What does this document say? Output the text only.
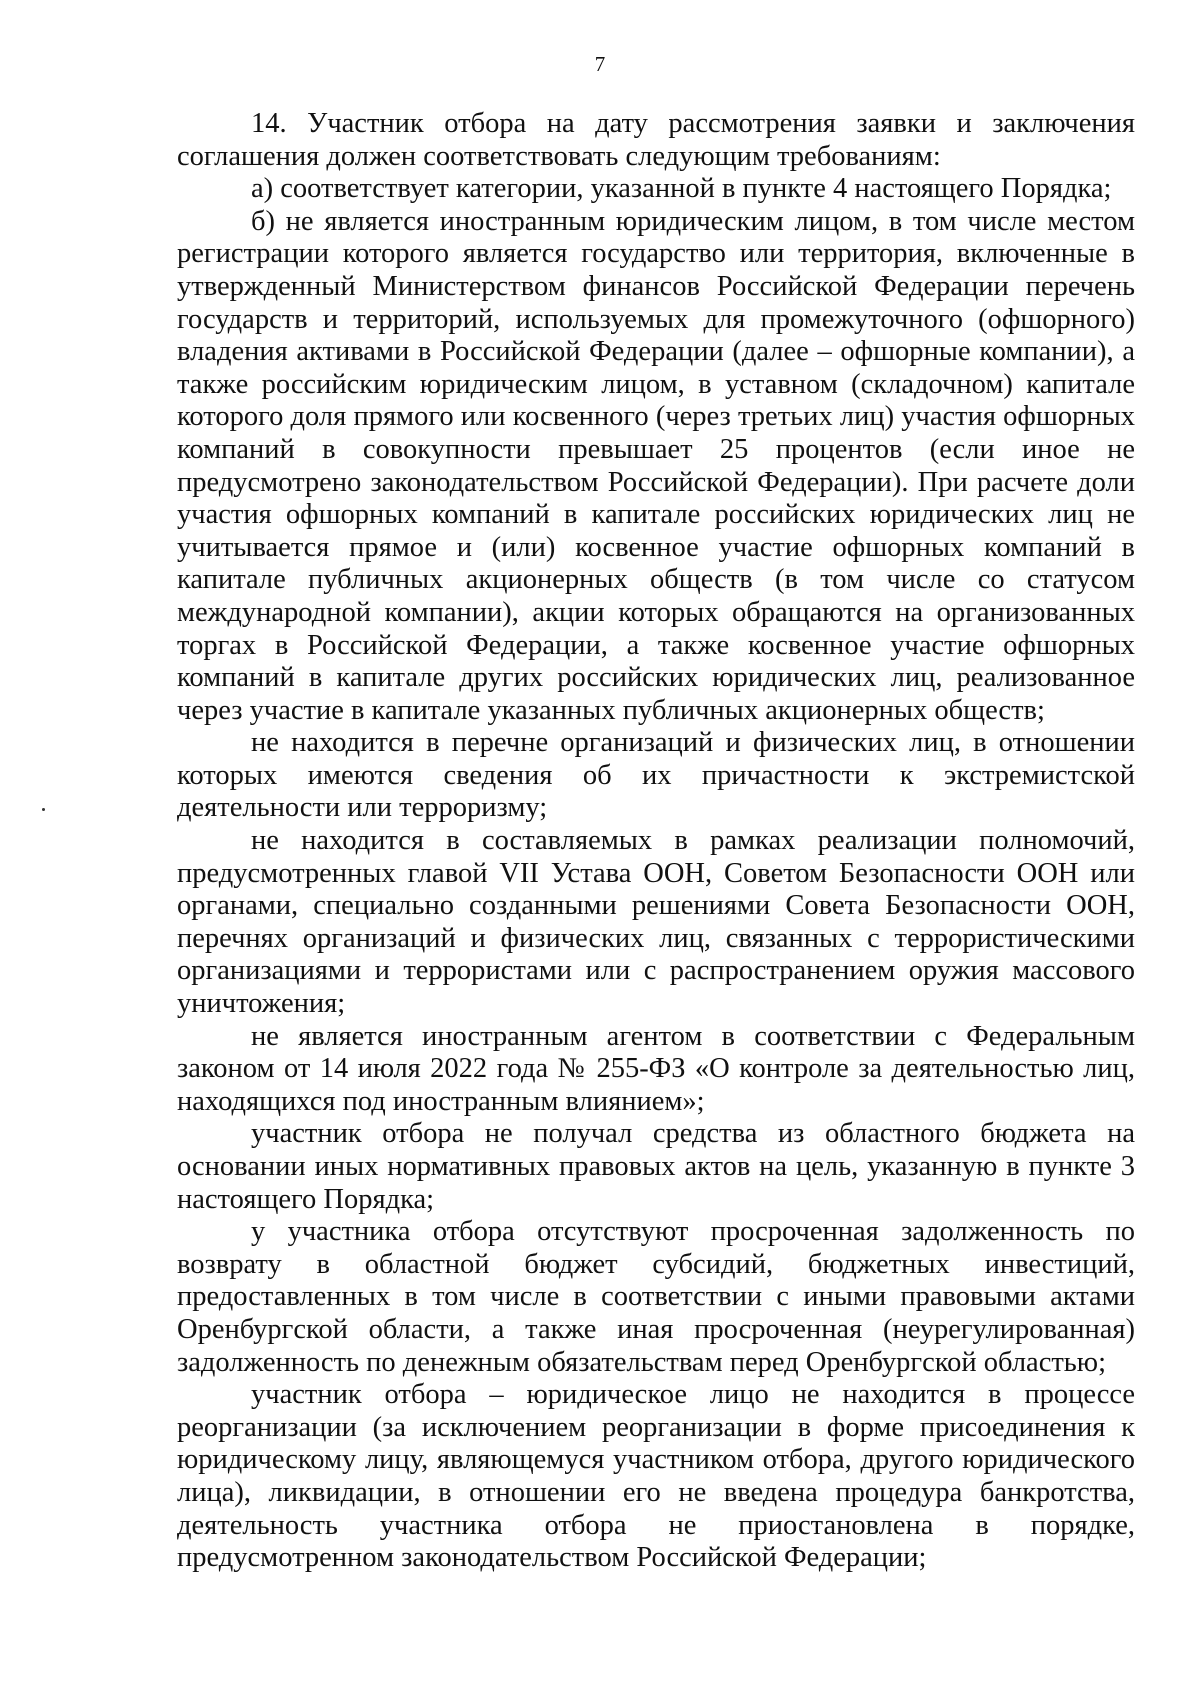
7

14. Участник отбора на дату рассмотрения заявки и заключения соглашения должен соответствовать следующим требованиям:

а) соответствует категории, указанной в пункте 4 настоящего Порядка;

б) не является иностранным юридическим лицом, в том числе местом регистрации которого является государство или территория, включенные в утвержденный Министерством финансов Российской Федерации перечень государств и территорий, используемых для промежуточного (офшорного) владения активами в Российской Федерации (далее – офшорные компании), а также российским юридическим лицом, в уставном (складочном) капитале которого доля прямого или косвенного (через третьих лиц) участия офшорных компаний в совокупности превышает 25 процентов (если иное не предусмотрено законодательством Российской Федерации). При расчете доли участия офшорных компаний в капитале российских юридических лиц не учитывается прямое и (или) косвенное участие офшорных компаний в капитале публичных акционерных обществ (в том числе со статусом международной компании), акции которых обращаются на организованных торгах в Российской Федерации, а также косвенное участие офшорных компаний в капитале других российских юридических лиц, реализованное через участие в капитале указанных публичных акционерных обществ;

не находится в перечне организаций и физических лиц, в отношении которых имеются сведения об их причастности к экстремистской деятельности или терроризму;

не находится в составляемых в рамках реализации полномочий, предусмотренных главой VII Устава ООН, Советом Безопасности ООН или органами, специально созданными решениями Совета Безопасности ООН, перечнях организаций и физических лиц, связанных с террористическими организациями и террористами или с распространением оружия массового уничтожения;

не является иностранным агентом в соответствии с Федеральным законом от 14 июля 2022 года № 255-ФЗ «О контроле за деятельностью лиц, находящихся под иностранным влиянием»;

участник отбора не получал средства из областного бюджета на основании иных нормативных правовых актов на цель, указанную в пункте 3 настоящего Порядка;

у участника отбора отсутствуют просроченная задолженность по возврату в областной бюджет субсидий, бюджетных инвестиций, предоставленных в том числе в соответствии с иными правовыми актами Оренбургской области, а также иная просроченная (неурегулированная) задолженность по денежным обязательствам перед Оренбургской областью;

участник отбора – юридическое лицо не находится в процессе реорганизации (за исключением реорганизации в форме присоединения к юридическому лицу, являющемуся участником отбора, другого юридического лица), ликвидации, в отношении его не введена процедура банкротства, деятельность участника отбора не приостановлена в порядке, предусмотренном законодательством Российской Федерации;
